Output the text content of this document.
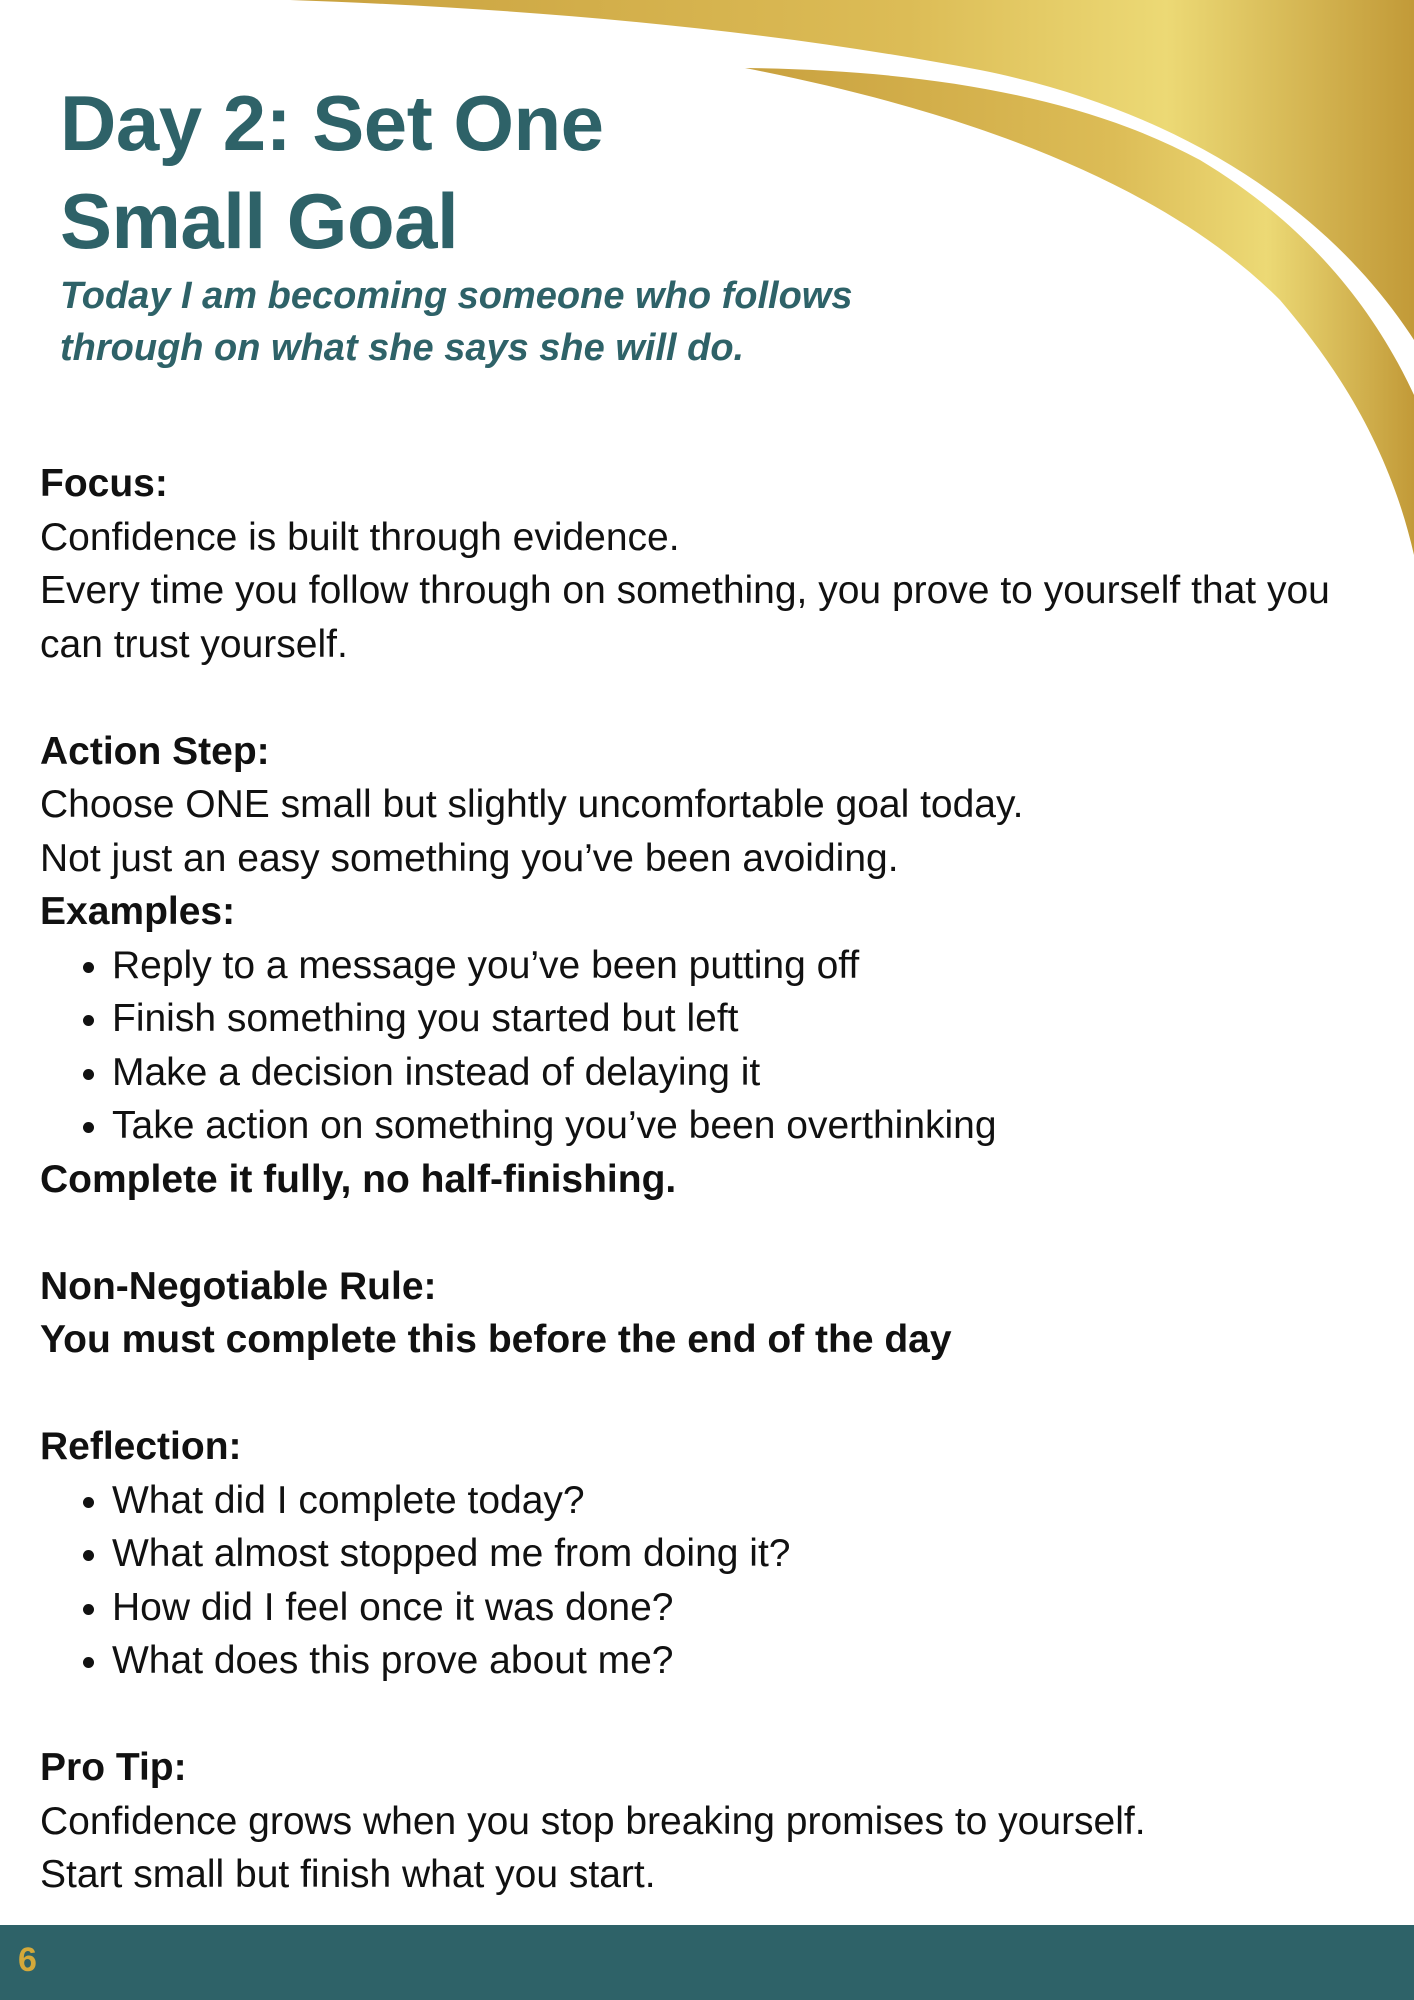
Day 2: Set One
Small Goal

Today I am becoming someone who follows through on what she says she will do.

Focus:

Confidence is built through evidence.

Every time you follow through on something, you prove to yourself that you can trust yourself.

Action Step:

Choose ONE small but slightly uncomfortable goal today.

Not just an easy something you’ve been avoiding.

Examples:

• Reply to a message you’ve been putting off
• Finish something you started but left
• Make a decision instead of delaying it
• Take action on something you’ve been overthinking

Complete it fully, no half-finishing.

Non-Negotiable Rule:

You must complete this before the end of the day

Reflection:

• What did I complete today?
• What almost stopped me from doing it?
• How did I feel once it was done?
• What does this prove about me?

Pro Tip:

Confidence grows when you stop breaking promises to yourself.

Start small but finish what you start.

6
